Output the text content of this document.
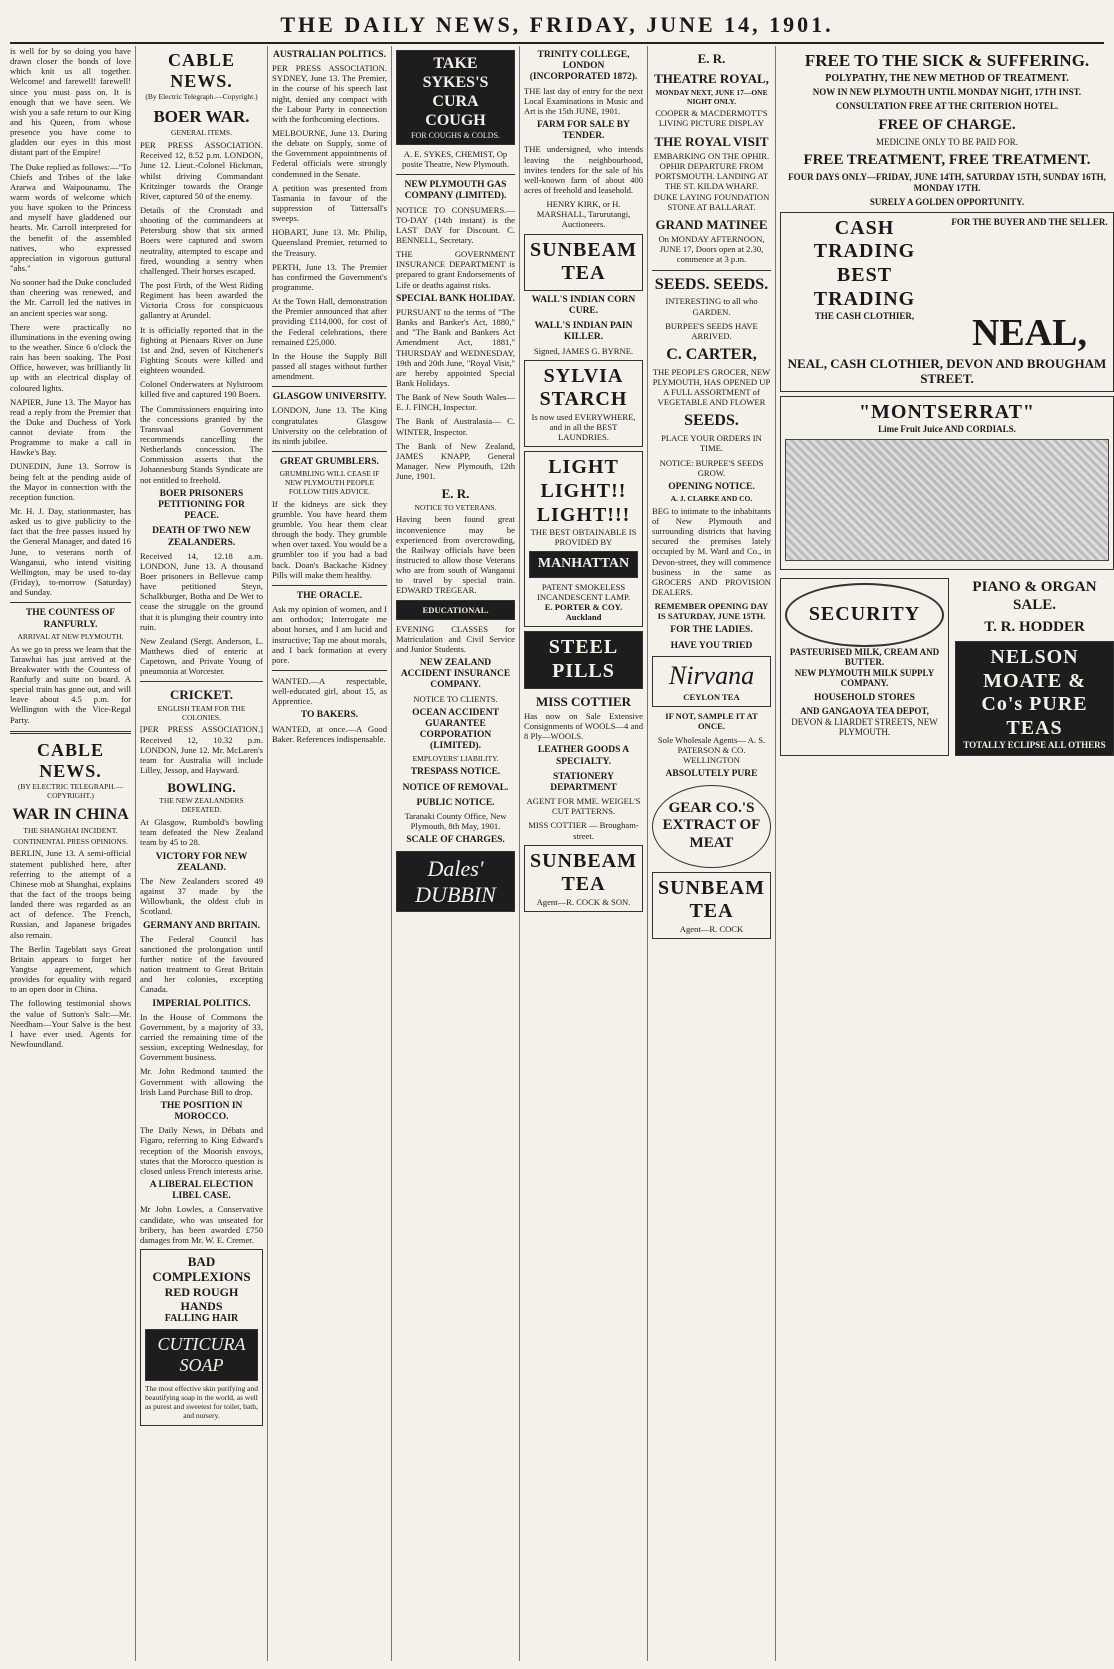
THE DAILY NEWS, FRIDAY, JUNE 14, 1901.

is well for by so doing you have drawn closer the bonds of love which knit us all together. Welcome! and farewell! farewell! since you must pass on. It is enough that we have seen. We wish you a safe return to our King and his Queen, from whose presence you have come to gladden our eyes in this most distant part of the Empire!

The Duke replied as follows:—"To Chiefs and Tribes of the lake Ararwa and Waipounamu. The warm words of welcome which you have spoken to the Princess and myself have gladdened our hearts. Mr. Carroll interpreted for the benefit of the assembled natives, who expressed appreciation in vigorous guttural "ahs."

No sooner had the Duke concluded than cheering was renewed, and the Mr. Carroll led the natives in an ancient species war song.

There were practically no illuminations in the evening owing to the weather. Since 6 o'clock the rain has been soaking. The Post Office, however, was brilliantly lit up with an electrical display of coloured lights.

NAPIER, June 13. The Mayor has read a reply from the Premier that the Duke and Duchess of York cannot deviate from the Programme to make a call in Hawke's Bay.

DUNEDIN, June 13. Sorrow is being felt at the pending aside of the Mayor in connection with the reception function.

Mr. H. J. Day, stationmaster, has asked us to give publicity to the fact that the free passes issued by the General Manager, and dated 16 June, to veterans north of Wanganui, who intend visiting Wellington, may be used to-day (Friday), to-morrow (Saturday) and Sunday.

THE COUNTESS OF RANFURLY.
ARRIVAL AT NEW PLYMOUTH.

As we go to press we learn that the Tarawhai has just arrived at the Breakwater with the Countess of Ranfurly and suite on board. A special train has gone out, and will leave about 4.5 p.m. for Wellington with the Vice-Regal Party.

CABLE NEWS.
(BY ELECTRIC TELEGRAPH.—COPYRIGHT.)
WAR IN CHINA
THE SHANGHAI INCIDENT.
CONTINENTAL PRESS OPINIONS.

BERLIN, June 13. A semi-official statement published here, after referring to the attempt of a Chinese mob at Shanghai, explains that the fact of the troops being landed there was regarded as an act of defence. The French, Russian, and Japanese brigades also remain.

The Berlin Tageblatt says Great Britain appears to forget her Yangtse agreement, which provides for equality with regard to an open door in China.

The following testimonial shows the value of Sutton's Salt:—Mr. Needham—Your Salve is the best I have ever used. Agents for Newfoundland.

CABLE NEWS.
(By Electric Telegraph.—Copyright.)
BOER WAR.
GENERAL ITEMS.

PER PRESS ASSOCIATION. Received 12, 8.52 p.m. LONDON, June 12. Lieut.-Colonel Hickman, whilst driving Commandant Kritzinger towards the Orange River, captured 50 of the enemy.

Details of the Cronstadt and shooting of the commandeers at Petersburg show that six armed Boers were captured and sworn neutrality, attempted to escape and fired, wounding a sentry when challenged. Their horses escaped.

The post Firth, of the West Riding Regiment has been awarded the Victoria Cross for conspicuous gallantry at Arundel.

It is officially reported that in the fighting at Pienaars River on June 1st and 2nd, seven of Kitchener's Fighting Scouts were killed and eighteen wounded.

Colonel Onderwaters at Nylstroom killed five and captured 190 Boers.

The Commissioners enquiring into the concessions granted by the Transvaal Government recommends cancelling the Netherlands concession. The Commission asserts that the Johannesburg Stands Syndicate are not entitled to freehold.

BOER PRISONERS PETITIONING FOR PEACE.
DEATH OF TWO NEW ZEALANDERS.

Received 14, 12.18 a.m. LONDON, June 13. A thousand Boer prisoners in Bellevue camp have petitioned Steyn, Schalkburger, Botha and De Wet to cease the struggle on the ground that it is plunging their country into ruin.

New Zealand (Sergt. Anderson, L. Matthews died of enteric at Capetown, and Private Young of pneumonia at Worcester.

CRICKET.
ENGLISH TEAM FOR THE COLONIES.

[PER PRESS ASSOCIATION.] Received 12, 10.32 p.m. LONDON, June 12. Mr. McLaren's team for Australia will include Lilley, Jessop, and Hayward.

BOWLING.
THE NEW ZEALANDERS DEFEATED.

At Glasgow, Rumbold's bowling team defeated the New Zealand team by 45 to 28.

VICTORY FOR NEW ZEALAND.

The New Zealanders scored 49 against 37 made by the Willowbank, the oldest club in Scotland.

GERMANY AND BRITAIN.

The Federal Council has sanctioned the prolongation until further notice of the favoured nation treatment to Great Britain and her colonies, excepting Canada.

IMPERIAL POLITICS.

In the House of Commons the Government, by a majority of 33, carried the remaining time of the session, excepting Wednesday, for Government business.

Mr. John Redmond taunted the Government with allowing the Irish Land Purchase Bill to drop.

THE POSITION IN MOROCCO.

The Daily News, in Débats and Figaro, referring to King Edward's reception of the Moorish envoys, states that the Morocco question is closed unless French interests arise.

A LIBERAL ELECTION LIBEL CASE.

Mr John Lowles, a Conservative candidate, who was unseated for bribery, has been awarded £750 damages from Mr. W. E. Cremer.

BAD COMPLEXIONS
RED ROUGH HANDS
FALLING HAIR
CUTICURA SOAP
The most effective skin purifying and beautifying soap in the world, as well as purest and sweetest for toilet, bath, and nursery.
AUSTRALIAN POLITICS.

PER PRESS ASSOCIATION. SYDNEY, June 13. The Premier, in the course of his speech last night, denied any compact with the Labour Party in connection with the forthcoming elections.

MELBOURNE, June 13. During the debate on Supply, some of the Government appointments of Federal officials were strongly condemned in the Senate.

A petition was presented from Tasmania in favour of the suppression of Tattersall's sweeps.

HOBART, June 13. Mr. Philip, Queensland Premier, returned to the Treasury.

PERTH, June 13. The Premier has confirmed the Government's programme.

At the Town Hall, demonstration the Premier announced that after providing £114,000, for cost of the Federal celebrations, there remained £25,000.

In the House the Supply Bill passed all stages without further amendment.

GLASGOW UNIVERSITY.

LONDON, June 13. The King congratulates Glasgow University on the celebration of its ninth jubilee.

GREAT GRUMBLERS.
GRUMBLING WILL CEASE IF NEW PLYMOUTH PEOPLE FOLLOW THIS ADVICE.

If the kidneys are sick they grumble. You have heard them grumble. You hear them clear through the body. They grumble when over taxed. You would be a grumbler too if you had a bad back. Doan's Backache Kidney Pills will make them healthy.

THE ORACLE.

Ask my opinion of women, and I am orthodox; Interrogate me about horses, and I am lucid and instructive; Tap me about morals, and I back formation at every pore.

WANTED.—A respectable, well-educated girl, about 15, as Apprentice.

TO BAKERS.

WANTED, at once.—A Good Baker. References indispensable.

TAKE SYKES'S CURA COUGH
FOR COUGHS & COLDS.

A. E. SYKES, CHEMIST, Op posite Theatre, New Plymouth.

NEW PLYMOUTH GAS COMPANY (LIMITED).

NOTICE TO CONSUMERS.—TO-DAY (14th instant) is the LAST DAY for Discount. C. BENNELL, Secretary.

THE GOVERNMENT INSURANCE DEPARTMENT is prepared to grant Endorsements of Life or deaths against risks.

SPECIAL BANK HOLIDAY.

PURSUANT to the terms of "The Banks and Banker's Act, 1880," and "The Bank and Bankers Act Amendment Act, 1881," THURSDAY and WEDNESDAY, 19th and 20th June, "Royal Visit," are hereby appointed Special Bank Holidays.

The Bank of New South Wales— E. J. FINCH, Inspector.

The Bank of Australasia— C. WINTER, Inspector.

The Bank of New Zealand, JAMES KNAPP, General Manager. New Plymouth, 12th June, 1901.

E. R.
NOTICE TO VETERANS.

Having been found great inconvenience may be experienced from overcrowding, the Railway officials have been instructed to allow those Veterans who are from south of Wanganui to travel by special train. EDWARD TREGEAR.

EDUCATIONAL.

EVENING CLASSES for Matriculation and Civil Service and Junior Students.

NEW ZEALAND ACCIDENT INSURANCE COMPANY.

NOTICE TO CLIENTS.

OCEAN ACCIDENT GUARANTEE CORPORATION (LIMITED).
EMPLOYERS' LIABILITY.
TRESPASS NOTICE.
NOTICE OF REMOVAL.
PUBLIC NOTICE.

Taranaki County Office, New Plymouth, 8th May, 1901.

SCALE OF CHARGES.
Dales' DUBBIN
TRINITY COLLEGE, LONDON (INCORPORATED 1872).

THE last day of entry for the next Local Examinations in Music and Art is the 15th JUNE, 1901.

FARM FOR SALE BY TENDER.

THE undersigned, who intends leaving the neighbourhood, invites tenders for the sale of his well-known farm of about 400 acres of freehold and leasehold.

HENRY KIRK, or H. MARSHALL, Tarurutangi, Auctioneers.

SUNBEAM TEA
WALL'S INDIAN CORN CURE.
WALL'S INDIAN PAIN KILLER.

Signed, JAMES G. BYRNE.

SYLVIA STARCH
Is now used EVERYWHERE, and in all the BEST LAUNDRIES.
LIGHT LIGHT!! LIGHT!!!
THE BEST OBTAINABLE IS PROVIDED BY
MANHATTAN
PATENT SMOKELESS INCANDESCENT LAMP.
E. PORTER & COY. Auckland
STEEL PILLS
MISS COTTIER

Has now on Sale Extensive Consignments of WOOLS—4 and 8 Ply—WOOLS.

LEATHER GOODS A SPECIALTY.
STATIONERY DEPARTMENT

AGENT FOR MME. WEIGEL'S CUT PATTERNS.

MISS COTTIER — Brougham-street.

SUNBEAM TEA
Agent—R. COCK & SON.
E. R.
THEATRE ROYAL,
MONDAY NEXT, JUNE 17—ONE NIGHT ONLY.

COOPER & MACDERMOTT'S LIVING PICTURE DISPLAY

THE ROYAL VISIT

EMBARKING ON THE OPHIR. OPHIR DEPARTURE FROM PORTSMOUTH. LANDING AT THE ST. KILDA WHARF. DUKE LAYING FOUNDATION STONE AT BALLARAT.

GRAND MATINEE

On MONDAY AFTERNOON, JUNE 17, Doors open at 2.30, commence at 3 p.m.

SEEDS. SEEDS.

INTERESTING to all who GARDEN.

BURPEE'S SEEDS HAVE ARRIVED.

C. CARTER,

THE PEOPLE'S GROCER, NEW PLYMOUTH, HAS OPENED UP A FULL ASSORTMENT of VEGETABLE AND FLOWER

SEEDS.

PLACE YOUR ORDERS IN TIME.

NOTICE: BURPEE'S SEEDS GROW.

OPENING NOTICE.
A. J. CLARKE AND CO.

BEG to intimate to the inhabitants of New Plymouth and surrounding districts that having secured the premises lately occupied by M. Ward and Co., in Devon-street, they will commence business in the same as GROCERS AND PROVISION DEALERS.

REMEMBER OPENING DAY IS SATURDAY, JUNE 15TH.

FOR THE LADIES.
HAVE YOU TRIED
Nirvana
CEYLON TEA

IF NOT, SAMPLE IT AT ONCE.

Sole Wholesale Agents— A. S. PATERSON & CO. WELLINGTON

ABSOLUTELY PURE
GEAR CO.'S EXTRACT OF MEAT
SUNBEAM TEA
Agent—R. COCK
FREE TO THE SICK & SUFFERING.
POLYPATHY, THE NEW METHOD OF TREATMENT.

NOW IN NEW PLYMOUTH UNTIL MONDAY NIGHT, 17TH INST.

CONSULTATION FREE AT THE CRITERION HOTEL.

FREE OF CHARGE.

MEDICINE ONLY TO BE PAID FOR.

FREE TREATMENT, FREE TREATMENT.

FOUR DAYS ONLY—FRIDAY, JUNE 14TH, SATURDAY 15TH, SUNDAY 16TH, MONDAY 17TH.

SURELY A GOLDEN OPPORTUNITY.

CASH TRADING BEST TRADING
FOR THE BUYER AND THE SELLER.
THE CASH CLOTHIER,	NEAL,
NEAL, CASH CLOTHIER, DEVON AND BROUGHAM STREET.
"MONTSERRAT"
Lime Fruit Juice AND CORDIALS.
SECURITY
PASTEURISED MILK, CREAM AND BUTTER.
NEW PLYMOUTH MILK SUPPLY COMPANY.
HOUSEHOLD STORES
AND GANGAOYA TEA DEPOT,
DEVON & LIARDET STREETS, NEW PLYMOUTH.
PIANO & ORGAN SALE.
T. R. HODDER
NELSON MOATE & Co's PURE TEAS
TOTALLY ECLIPSE ALL OTHERS
